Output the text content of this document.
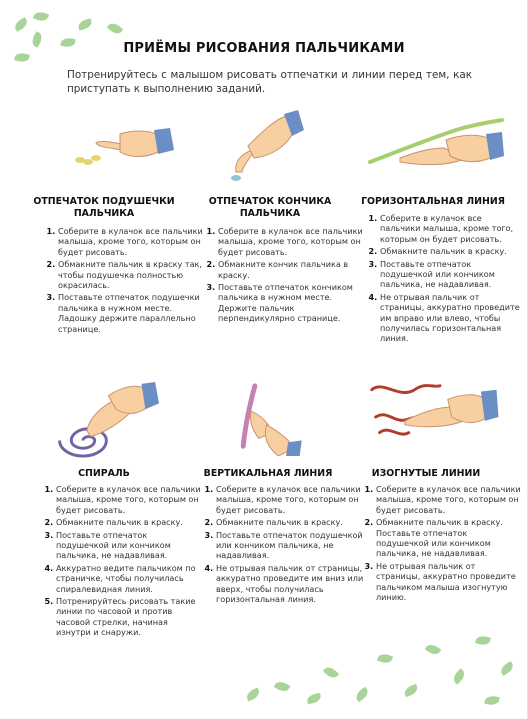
ПРИЁМЫ РИСОВАНИЯ ПАЛЬЧИКАМИ
Потренируйтесь с малышом рисовать отпечатки и линии перед тем, как приступать к выполнению заданий.
ОТПЕЧАТОК ПОДУШЕЧКИ ПАЛЬЧИКА
1. Соберите в кулачок все пальчики малыша, кроме того, которым он будет рисовать.
2. Обмакните пальчик в краску так, чтобы подушечка полностью окрасилась.
3. Поставьте отпечаток подушечки пальчика в нужном месте. Ладошку держите параллельно странице.
ОТПЕЧАТОК КОНЧИКА ПАЛЬЧИКА
1. Соберите в кулачок все пальчики малыша, кроме того, которым он будет рисовать.
2. Обмакните кончик пальчика в краску.
3. Поставьте отпечаток кончиком пальчика в нужном месте. Держите пальчик перпендикулярно странице.
ГОРИЗОНТАЛЬНАЯ ЛИНИЯ
1. Соберите в кулачок все пальчики малыша, кроме того, которым он будет рисовать.
2. Обмакните пальчик в краску.
3. Поставьте отпечаток подушечкой или кончиком пальчика, не надавливая.
4. Не отрывая пальчик от страницы, аккуратно проведите им вправо или влево, чтобы получилась горизонтальная линия.
СПИРАЛЬ
1. Соберите в кулачок все пальчики малыша, кроме того, которым он будет рисовать.
2. Обмакните пальчик в краску.
3. Поставьте отпечаток подушечкой или кончиком пальчика, не надавливая.
4. Аккуратно ведите пальчиком по страничке, чтобы получилась спиралевидная линия.
5. Потренируйтесь рисовать такие линии по часовой и против часовой стрелки, начиная изнутри и снаружи.
ВЕРТИКАЛЬНАЯ ЛИНИЯ
1. Соберите в кулачок все пальчики малыша, кроме того, которым он будет рисовать.
2. Обмакните пальчик в краску.
3. Поставьте отпечаток подушечкой или кончиком пальчика, не надавливая.
4. Не отрывая пальчик от страницы, аккуратно проведите им вниз или вверх, чтобы получилась горизонтальная линия.
ИЗОГНУТЫЕ ЛИНИИ
1. Соберите в кулачок все пальчики малыша, кроме того, которым он будет рисовать.
2. Обмакните пальчик в краску. Поставьте отпечаток подушечкой или кончиком пальчика, не надавливая.
3. Не отрывая пальчик от страницы, аккуратно проведите пальчиком малыша изогнутую линию.
